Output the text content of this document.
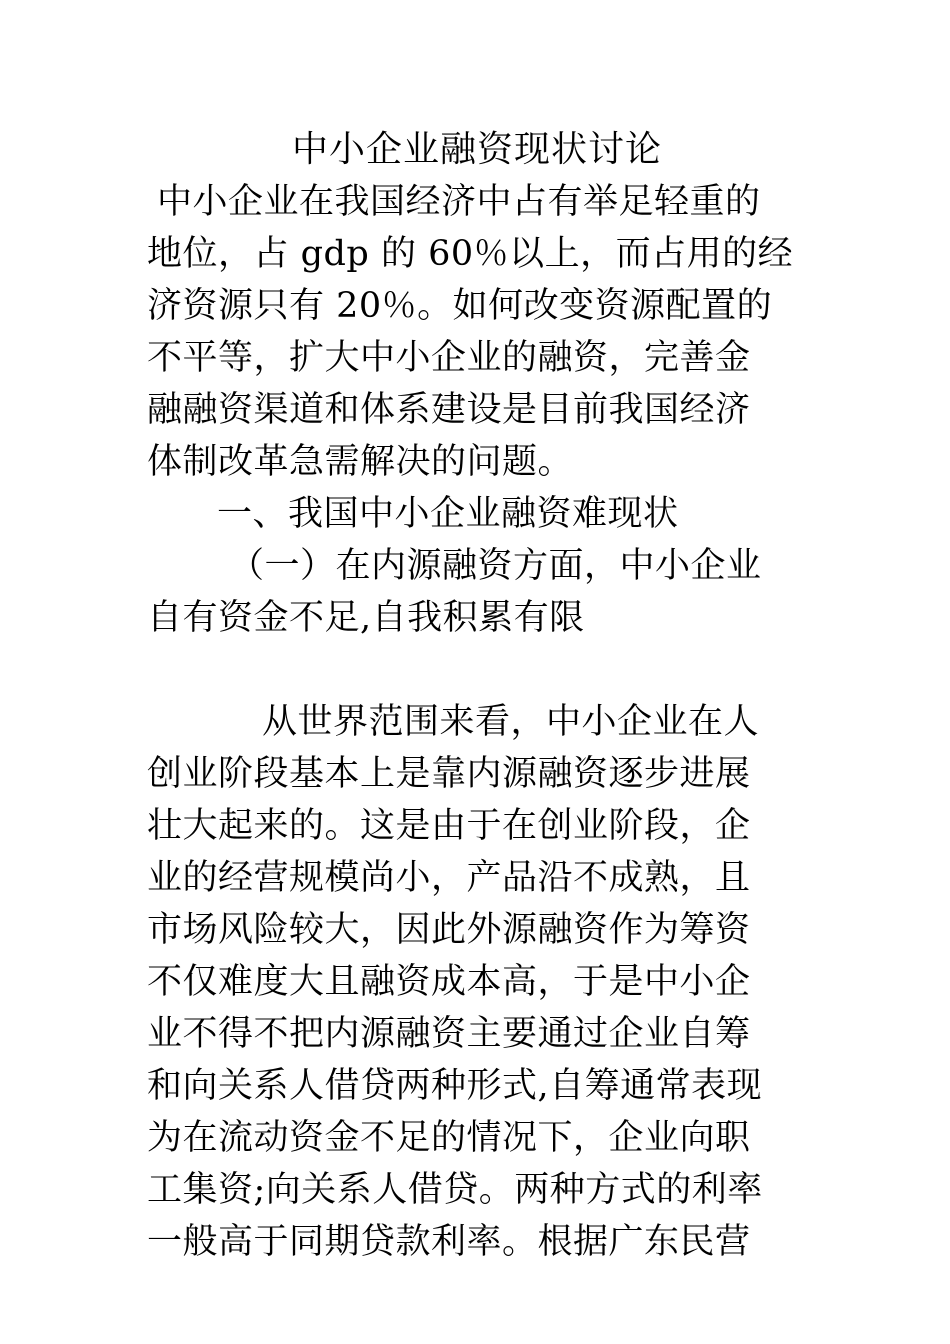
中小企业融资现状讨论
中小企业在我国经济中占有举足轻重的
地位，占 gdp 的 60％以上，而占用的经
济资源只有 20％。如何改变资源配置的
不平等，扩大中小企业的融资，完善金
融融资渠道和体系建设是目前我国经济
体制改革急需解决的问题。
一、我国中小企业融资难现状
（一）在内源融资方面，中小企业
自有资金不足,自我积累有限
从世界范围来看，中小企业在人
创业阶段基本上是靠内源融资逐步进展
壮大起来的。这是由于在创业阶段，企
业的经营规模尚小，产品沿不成熟，且
市场风险较大，因此外源融资作为筹资
不仅难度大且融资成本高，于是中小企
业不得不把内源融资主要通过企业自筹
和向关系人借贷两种形式,自筹通常表现
为在流动资金不足的情况下，企业向职
工集资;向关系人借贷。两种方式的利率
一般高于同期贷款利率。根据广东民营
